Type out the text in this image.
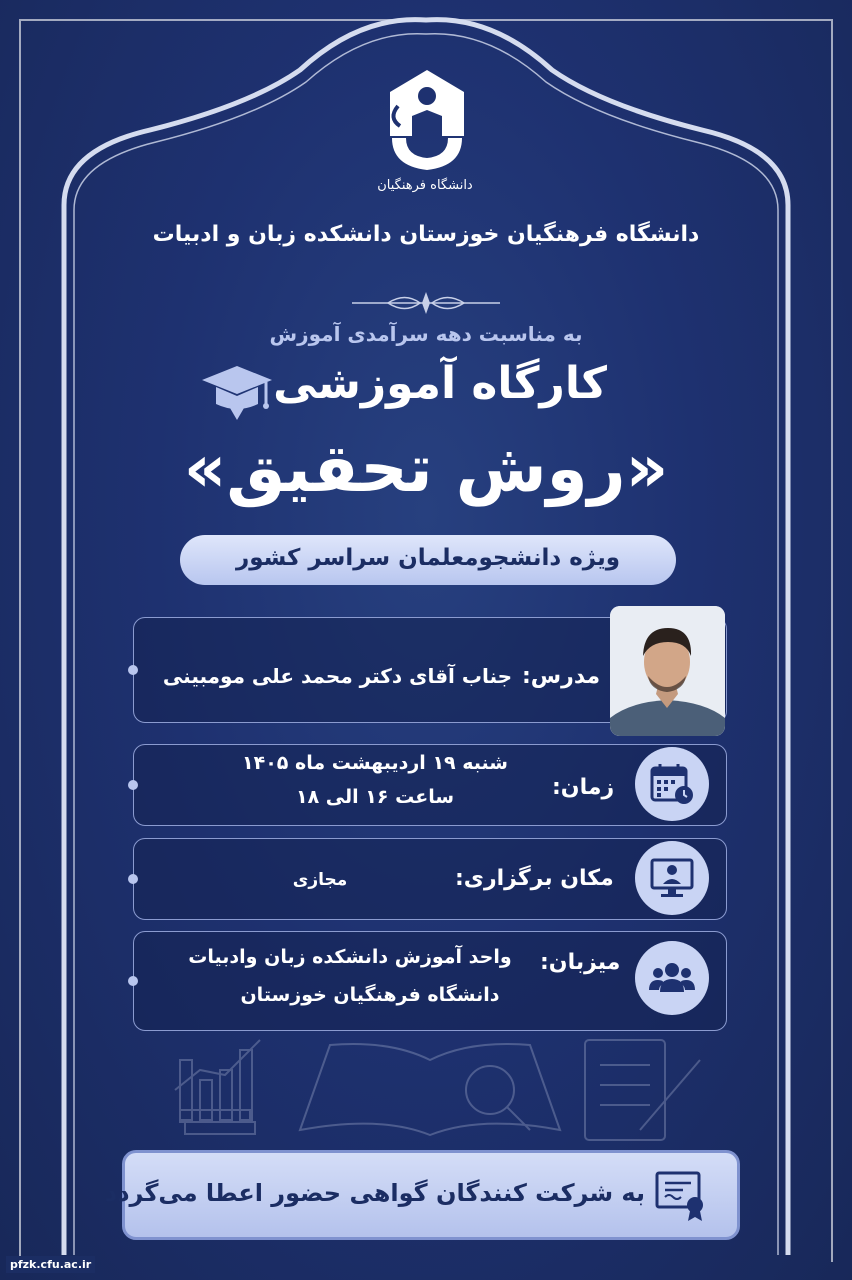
دانشگاه فرهنگیان
دانشگاه فرهنگیان خوزستان دانشکده زبان و ادبیات
به مناسبت دهه سرآمدی آموزش
کارگاه آموزشی
«روش تحقیق»
ویژه دانشجومعلمان سراسر کشور
مدرس:
جناب آقای دکتر محمد علی مومبینی
زمان:
شنبه ۱۹ اردیبهشت ماه ۱۴۰۵
ساعت ۱۶ الی ۱۸
مکان برگزاری:
مجازی
میزبان:
واحد آموزش دانشکده زبان وادبیات
دانشگاه فرهنگیان خوزستان
به شرکت کنندگان گواهی حضور اعطا می‌گردد
pfzk.cfu.ac.ir
